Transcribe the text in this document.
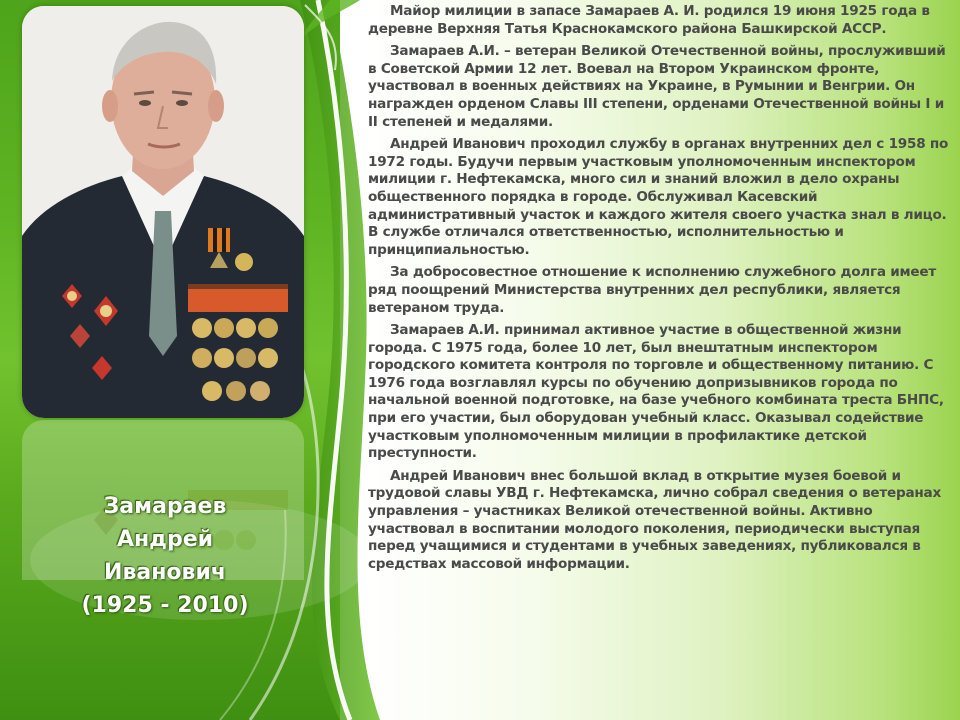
Замараев
Андрей
Иванович
(1925 - 2010)

Майор милиции в запасе Замараев А. И. родился 19 июня 1925 года в деревне Верхняя Татья Краснокамского района Башкирской АССР.

Замараев А.И. – ветеран Великой Отечественной войны, прослуживший в Советской Армии 12 лет. Воевал на Втором Украинском фронте, участвовал в военных действиях на Украине, в Румынии и Венгрии. Он награжден орденом Славы III степени, орденами Отечественной войны I и II степеней и медалями.

Андрей Иванович проходил службу в органах внутренних дел с 1958 по 1972 годы. Будучи первым участковым уполномоченным инспектором милиции г. Нефтекамска, много сил и знаний вложил в дело охраны общественного порядка в городе. Обслуживал Касевский административный участок и каждого жителя своего участка знал в лицо. В службе отличался ответственностью, исполнительностью и принципиальностью.

За добросовестное отношение к исполнению служебного долга имеет ряд поощрений Министерства внутренних дел республики, является ветераном труда.

Замараев А.И. принимал активное участие в общественной жизни города. С 1975 года, более 10 лет, был внештатным инспектором городского комитета контроля по торговле и общественному питанию. С 1976 года возглавлял курсы по обучению допризывников города по начальной военной подготовке, на базе учебного комбината треста БНПС, при его участии, был оборудован учебный класс. Оказывал содействие участковым уполномоченным милиции в профилактике детской преступности.

Андрей Иванович внес большой вклад в открытие музея боевой и трудовой славы УВД г. Нефтекамска, лично собрал сведения о ветеранах управления – участниках Великой отечественной войны. Активно участвовал в воспитании молодого поколения, периодически выступая перед учащимися и студентами в учебных заведениях, публиковался в средствах массовой информации.
